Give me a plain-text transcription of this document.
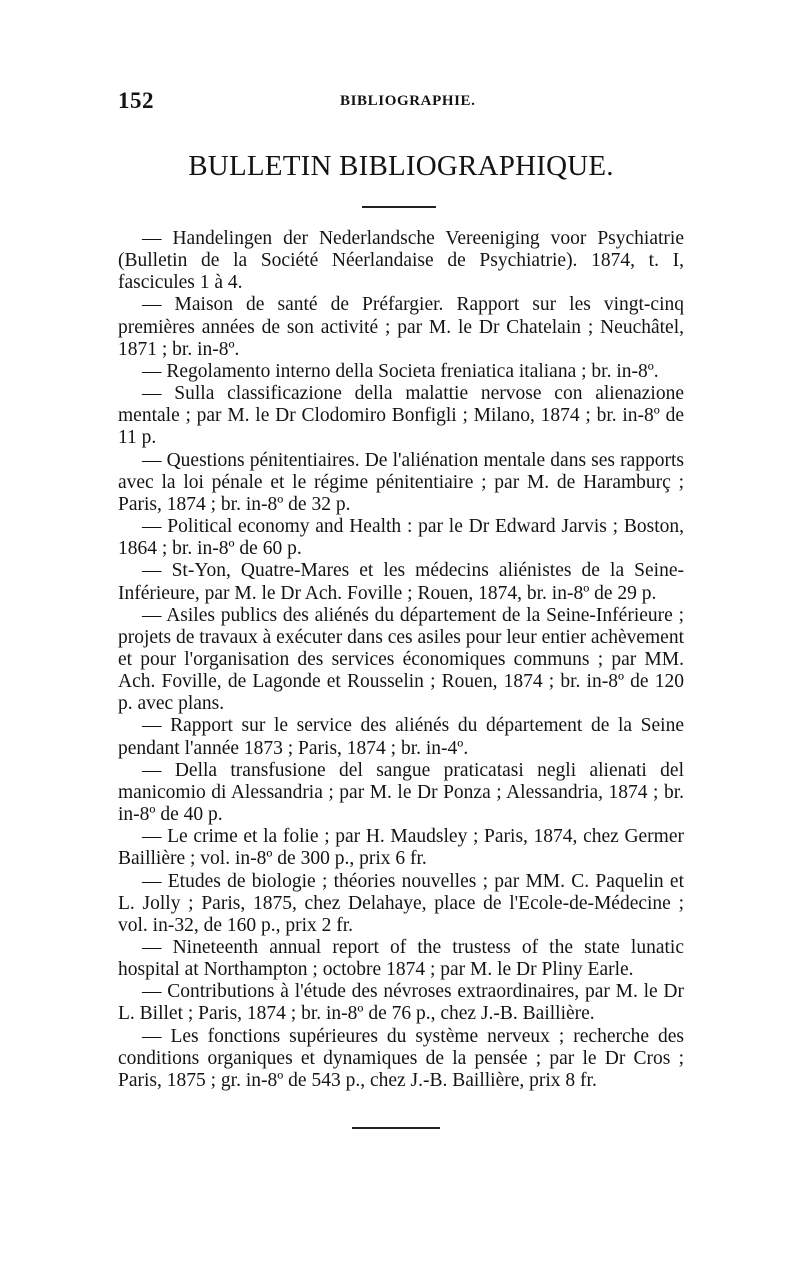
152	BIBLIOGRAPHIE.
BULLETIN BIBLIOGRAPHIQUE.

— Handelingen der Nederlandsche Vereeniging voor Psychiatrie (Bulletin de la Société Néerlandaise de Psychiatrie). 1874, t. I, fascicules 1 à 4.

— Maison de santé de Préfargier. Rapport sur les vingt-cinq premières années de son activité ; par M. le Dr Chatelain ; Neuchâtel, 1871 ; br. in-8º.

— Regolamento interno della Societa freniatica italiana ; br. in-8º.

— Sulla classificazione della malattie nervose con alienazione mentale ; par M. le Dr Clodomiro Bonfigli ; Milano, 1874 ; br. in-8º de 11 p.

— Questions pénitentiaires. De l'aliénation mentale dans ses rapports avec la loi pénale et le régime pénitentiaire ; par M. de Haramburç ; Paris, 1874 ; br. in-8º de 32 p.

— Political economy and Health : par le Dr Edward Jarvis ; Boston, 1864 ; br. in-8º de 60 p.

— St-Yon, Quatre-Mares et les médecins aliénistes de la Seine-Inférieure, par M. le Dr Ach. Foville ; Rouen, 1874, br. in-8º de 29 p.

— Asiles publics des aliénés du département de la Seine-Inférieure ; projets de travaux à exécuter dans ces asiles pour leur entier achèvement et pour l'organisation des services économiques communs ; par MM. Ach. Foville, de Lagonde et Rousselin ; Rouen, 1874 ; br. in-8º de 120 p. avec plans.

— Rapport sur le service des aliénés du département de la Seine pendant l'année 1873 ; Paris, 1874 ; br. in-4º.

— Della transfusione del sangue praticatasi negli alienati del manicomio di Alessandria ; par M. le Dr Ponza ; Alessandria, 1874 ; br. in-8º de 40 p.

— Le crime et la folie ; par H. Maudsley ; Paris, 1874, chez Germer Baillière ; vol. in-8º de 300 p., prix 6 fr.

— Etudes de biologie ; théories nouvelles ; par MM. C. Paquelin et L. Jolly ; Paris, 1875, chez Delahaye, place de l'Ecole-de-Médecine ; vol. in-32, de 160 p., prix 2 fr.

— Nineteenth annual report of the trustess of the state lunatic hospital at Northampton ; octobre 1874 ; par M. le Dr Pliny Earle.

— Contributions à l'étude des névroses extraordinaires, par M. le Dr L. Billet ; Paris, 1874 ; br. in-8º de 76 p., chez J.-B. Baillière.

— Les fonctions supérieures du système nerveux ; recherche des conditions organiques et dynamiques de la pensée ; par le Dr Cros ; Paris, 1875 ; gr. in-8º de 543 p., chez J.-B. Baillière, prix 8 fr.
